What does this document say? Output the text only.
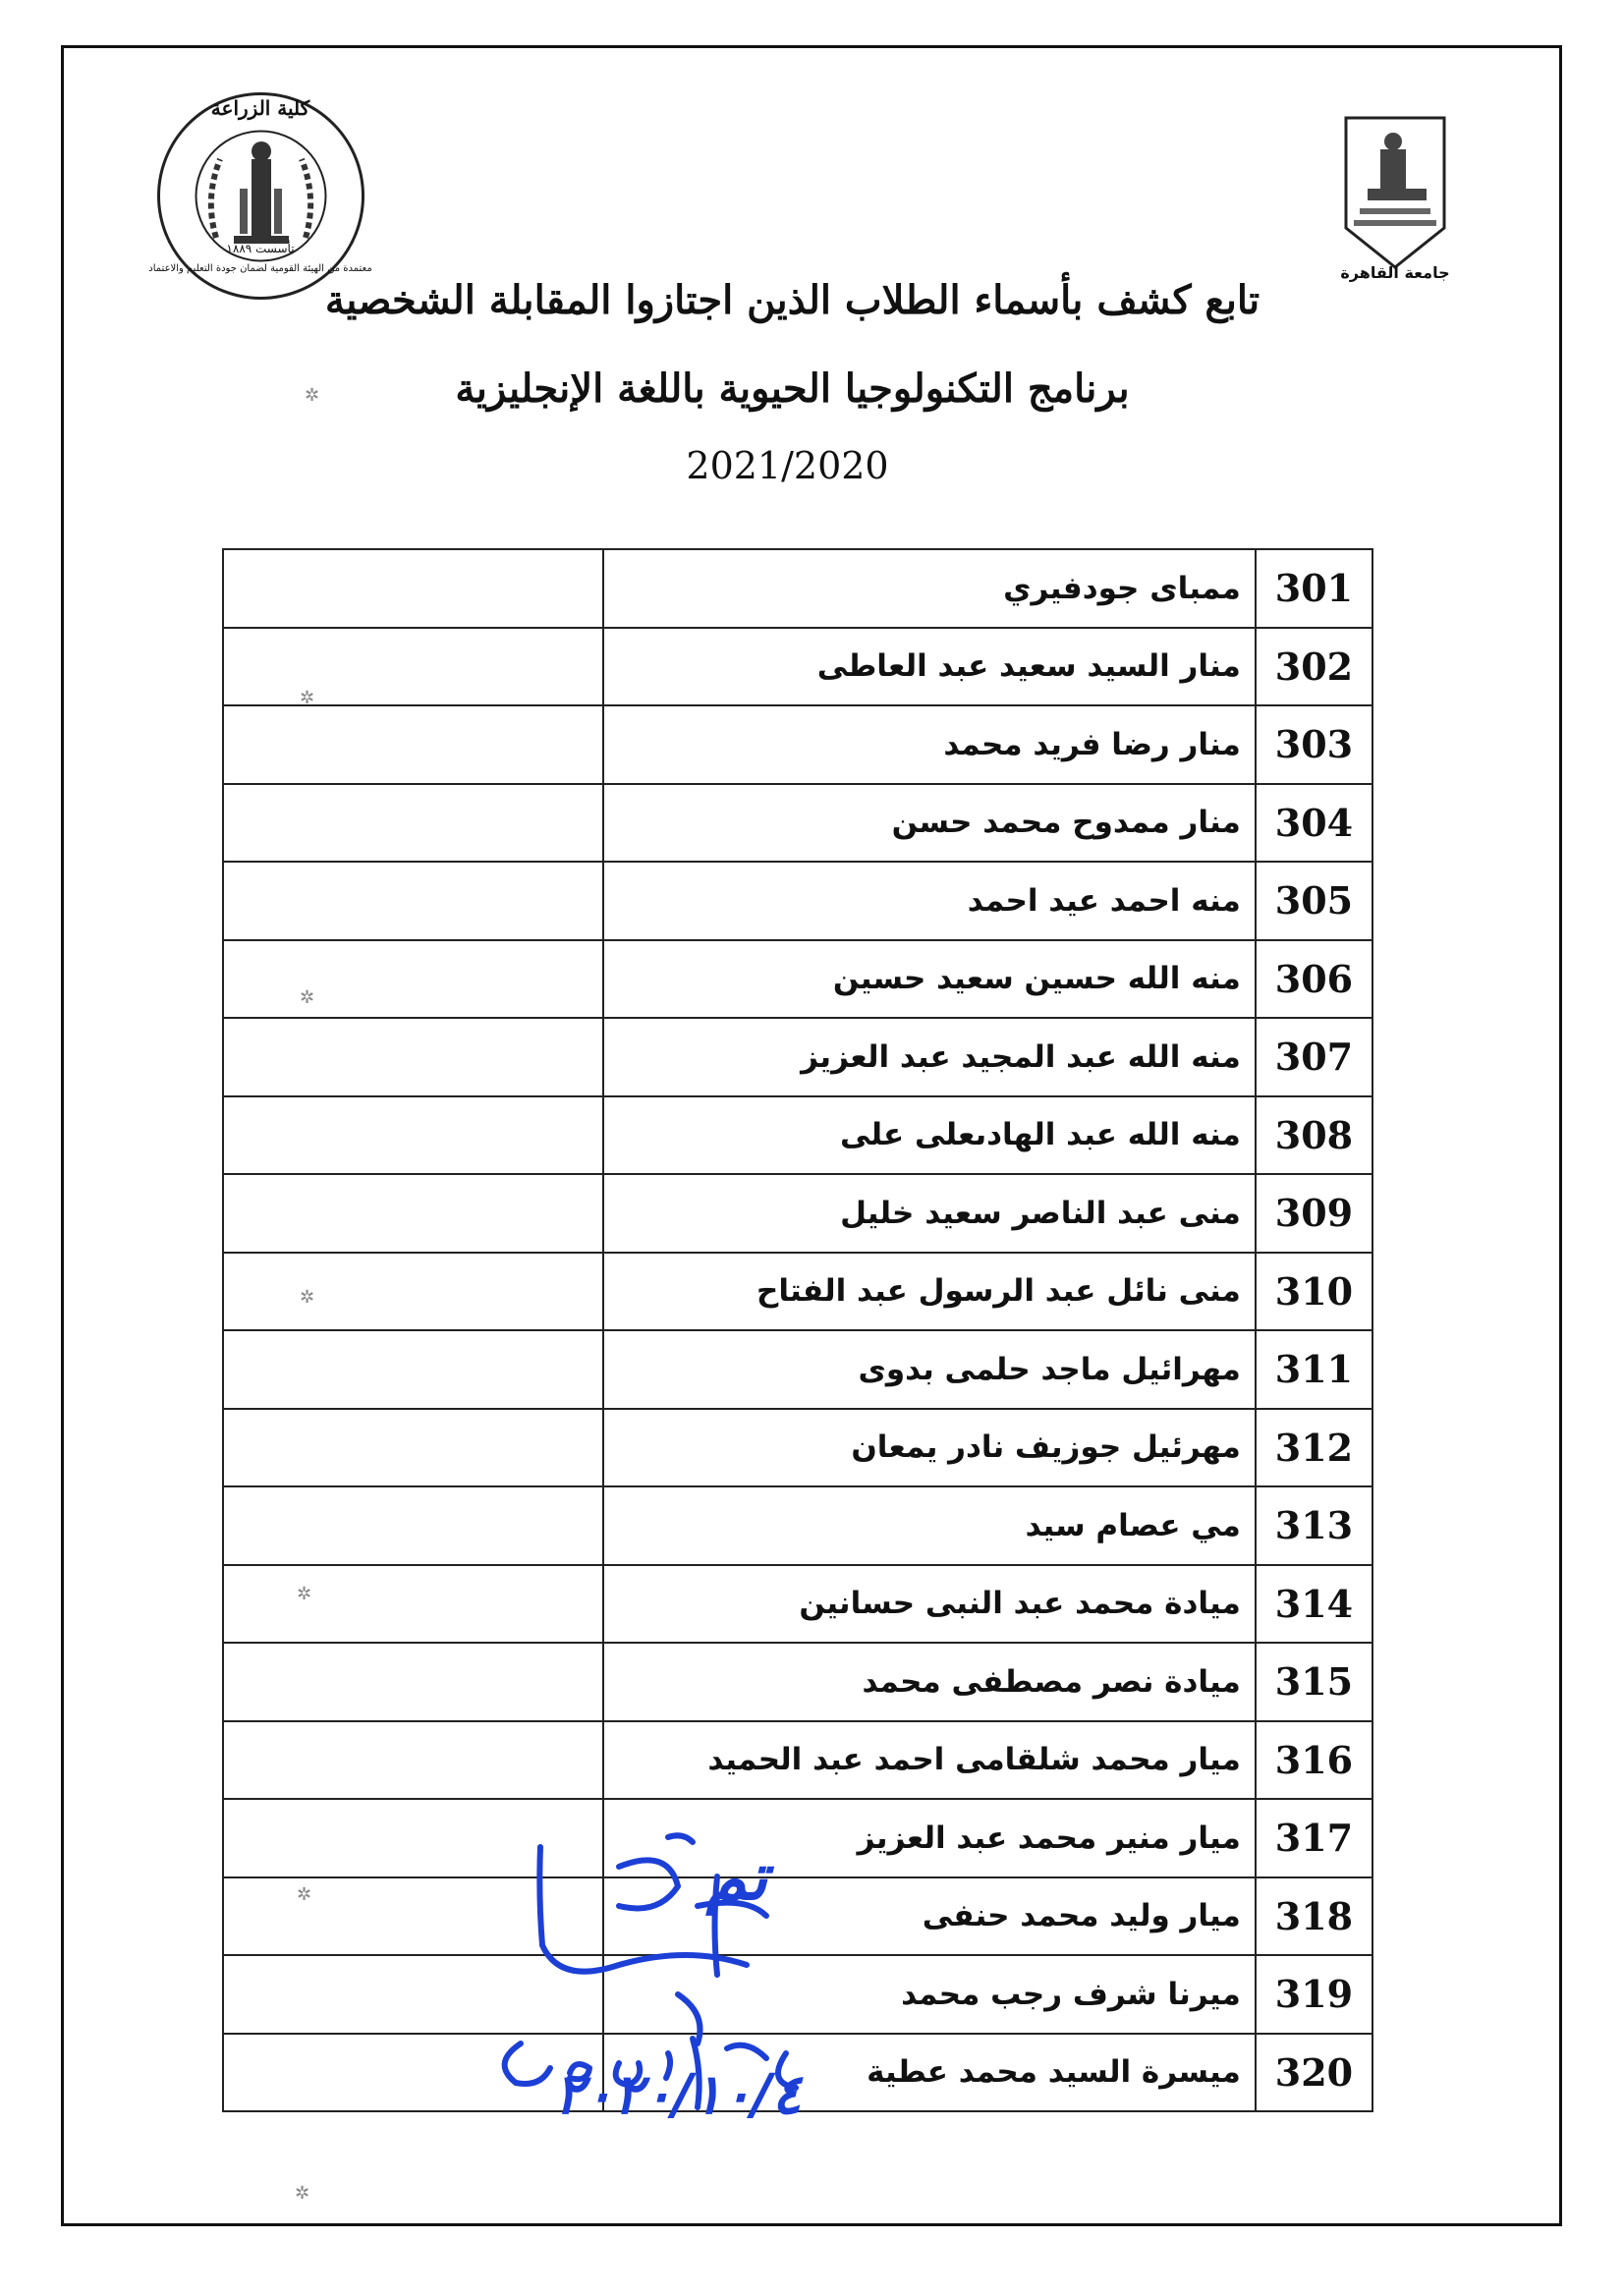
كلية الزراعة
تأسست ١٨٨٩
معتمدة من الهيئة القومية لضمان جودة التعليم والاعتماد	جامعة القاهرة
تابع كشف بأسماء الطلاب الذين اجتازوا المقابلة الشخصية
برنامج التكنولوجيا الحيوية باللغة الإنجليزية
2021/2020
	ممباى جودفيري	301
	منار السيد سعيد عبد العاطى	302
	منار رضا فريد محمد	303
	منار ممدوح محمد حسن	304
	منه احمد عيد احمد	305
	منه الله حسين سعيد حسين	306
	منه الله عبد المجيد عبد العزيز	307
	منه الله عبد الهادىعلى على	308
	منى عبد الناصر سعيد خليل	309
	منى نائل عبد الرسول عبد الفتاح	310
	مهرائيل ماجد حلمى بدوى	311
	مهرئيل جوزيف نادر يمعان	312
	مي عصام سيد	313
	ميادة محمد عبد النبى حسانين	314
	ميادة نصر مصطفى محمد	315
	ميار محمد شلقامى احمد عبد الحميد	316
	ميار منير محمد عبد العزيز	317
	ميار وليد محمد حنفى	318
	ميرنا شرف رجب محمد	319
	ميسرة السيد محمد عطية	320
تم
٢٠٢٠/١٠/٤
✲
✲
✲
✲
✲
✲
✲
